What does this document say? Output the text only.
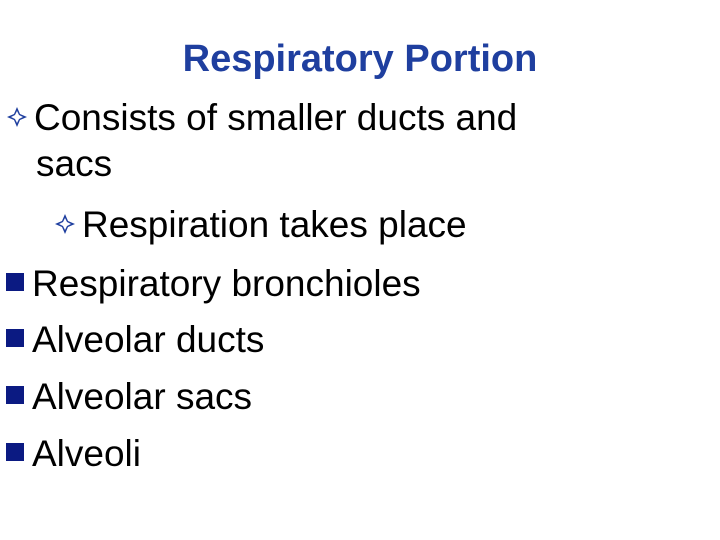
Respiratory Portion
Consists of smaller ducts and
sacs
Respiration takes place
Respiratory bronchioles
Alveolar ducts
Alveolar sacs
Alveoli
